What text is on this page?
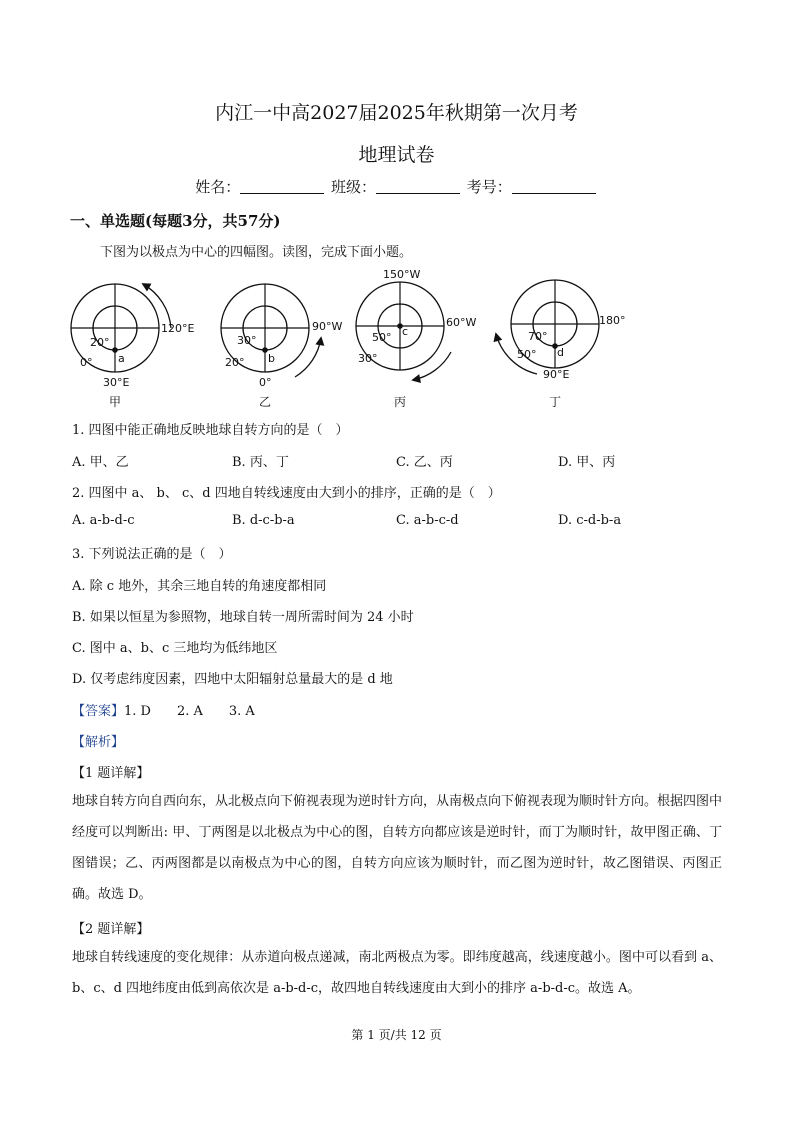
内江一中高2027届2025年秋期第一次月考
地理试卷
姓名：	班级：	考号：
一、单选题(每题3分，共57分)
下图为以极点为中心的四幅图。读图，完成下面小题。
20°
0° a
120°E
30°E
甲
30°
20° b
90°W
0°
乙
150°W
50°
30°
c
60°W
丙
180°
70°
50° d
90°E
丁
1. 四图中能正确地反映地球自转方向的是（　）
A. 甲、乙	B. 丙、丁	C. 乙、丙	D. 甲、丙
2. 四图中 a、 b、 c、d 四地自转线速度由大到小的排序，正确的是（　）
A. a-b-d-c	B. d-c-b-a	C. a-b-c-d	D. c-d-b-a
3. 下列说法正确的是（　）
A. 除 c 地外，其余三地自转的角速度都相同
B. 如果以恒星为参照物，地球自转一周所需时间为 24 小时
C. 图中 a、b、c 三地均为低纬地区
D. 仅考虑纬度因素，四地中太阳辐射总量最大的是 d 地
【答案】1. D　　2. A　　3. A
【解析】
【1 题详解】
地球自转方向自西向东，从北极点向下俯视表现为逆时针方向，从南极点向下俯视表现为顺时针方向。根据四图中经度可以判断出: 甲、丁两图是以北极点为中心的图，自转方向都应该是逆时针，而丁为顺时针，故甲图正确、丁图错误；乙、丙两图都是以南极点为中心的图，自转方向应该为顺时针，而乙图为逆时针，故乙图错误、丙图正确。故选 D。
【2 题详解】
地球自转线速度的变化规律：从赤道向极点递减，南北两极点为零。即纬度越高，线速度越小。图中可以看到 a、b、c、d 四地纬度由低到高依次是 a-b-d-c，故四地自转线速度由大到小的排序 a-b-d-c。故选 A。
第 1 页/共 12 页
